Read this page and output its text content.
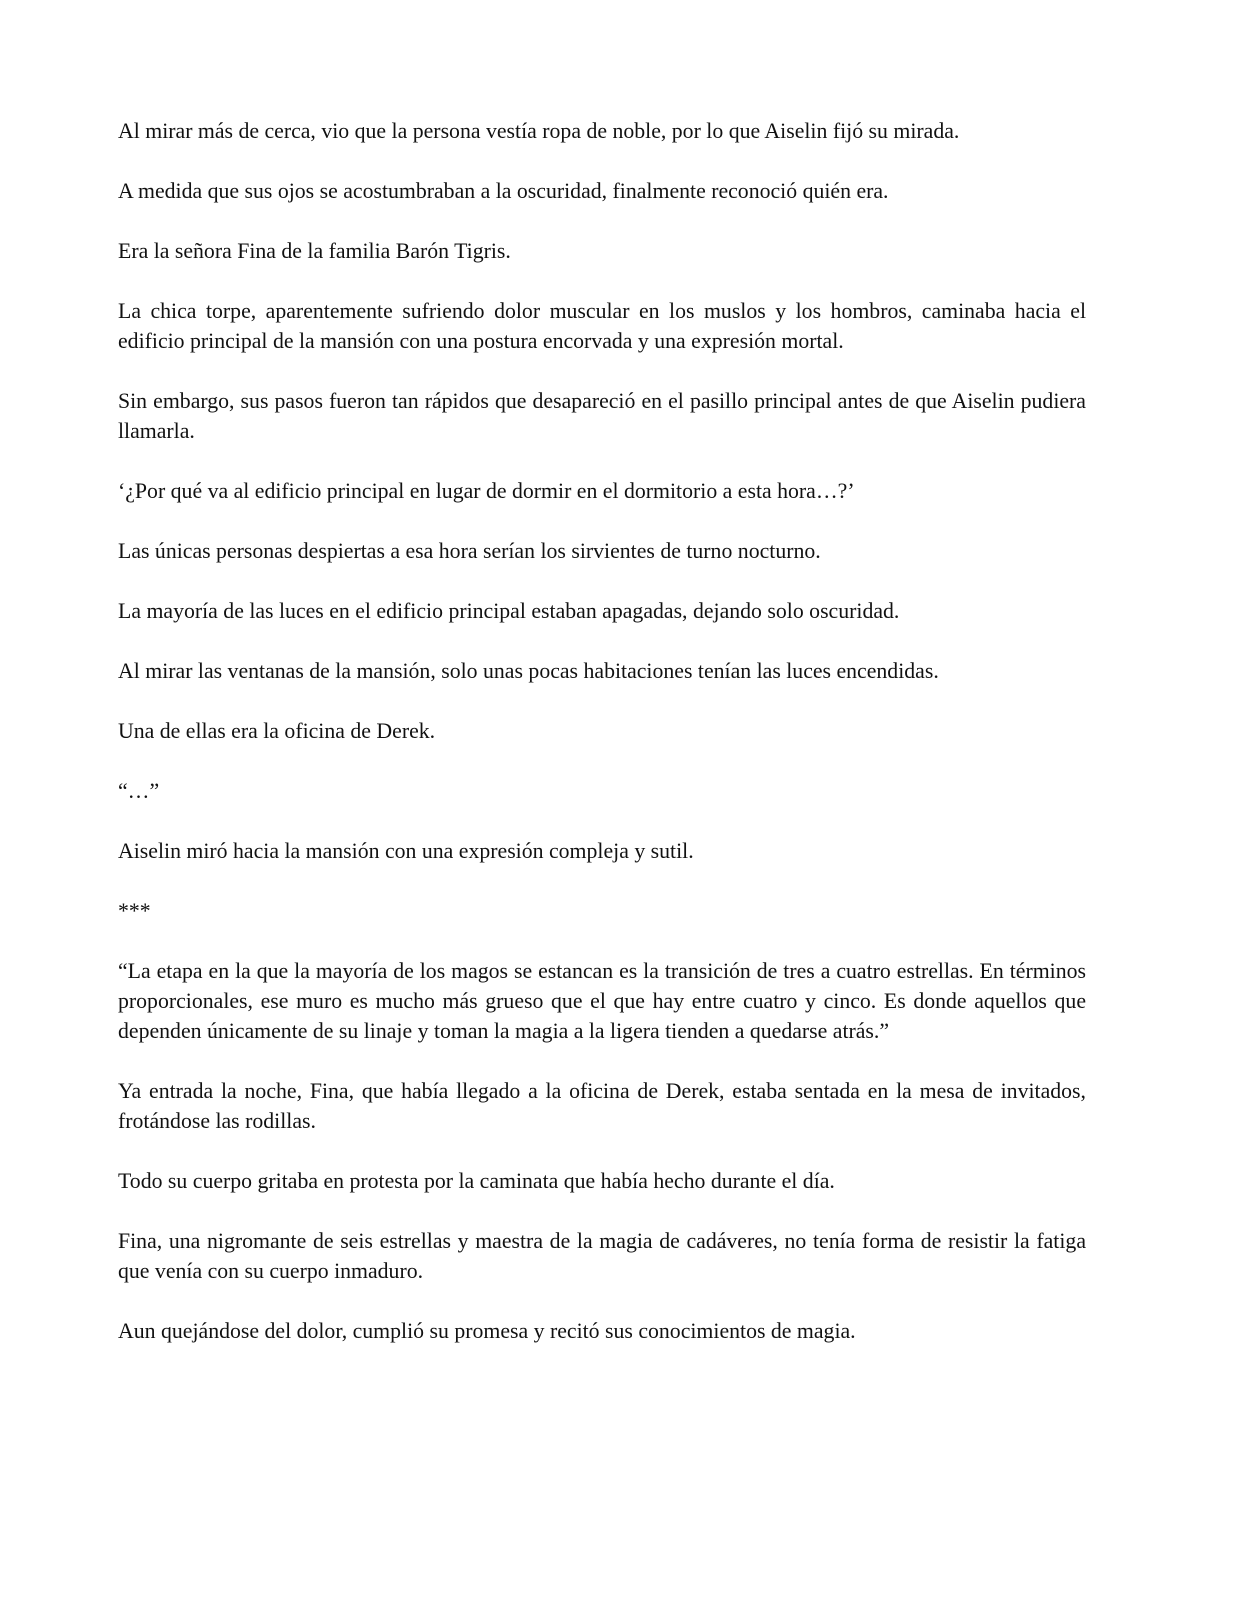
Al mirar más de cerca, vio que la persona vestía ropa de noble, por lo que Aiselin fijó su mirada.

A medida que sus ojos se acostumbraban a la oscuridad, finalmente reconoció quién era.

Era la señora Fina de la familia Barón Tigris.

La chica torpe, aparentemente sufriendo dolor muscular en los muslos y los hombros, caminaba hacia el edificio principal de la mansión con una postura encorvada y una expresión mortal.

Sin embargo, sus pasos fueron tan rápidos que desapareció en el pasillo principal antes de que Aiselin pudiera llamarla.

‘¿Por qué va al edificio principal en lugar de dormir en el dormitorio a esta hora…?’

Las únicas personas despiertas a esa hora serían los sirvientes de turno nocturno.

La mayoría de las luces en el edificio principal estaban apagadas, dejando solo oscuridad.

Al mirar las ventanas de la mansión, solo unas pocas habitaciones tenían las luces encendidas.

Una de ellas era la oficina de Derek.

“…”

Aiselin miró hacia la mansión con una expresión compleja y sutil.

***

“La etapa en la que la mayoría de los magos se estancan es la transición de tres a cuatro estrellas. En términos proporcionales, ese muro es mucho más grueso que el que hay entre cuatro y cinco. Es donde aquellos que dependen únicamente de su linaje y toman la magia a la ligera tienden a quedarse atrás.”

Ya entrada la noche, Fina, que había llegado a la oficina de Derek, estaba sentada en la mesa de invitados, frotándose las rodillas.

Todo su cuerpo gritaba en protesta por la caminata que había hecho durante el día.

Fina, una nigromante de seis estrellas y maestra de la magia de cadáveres, no tenía forma de resistir la fatiga que venía con su cuerpo inmaduro.

Aun quejándose del dolor, cumplió su promesa y recitó sus conocimientos de magia.
